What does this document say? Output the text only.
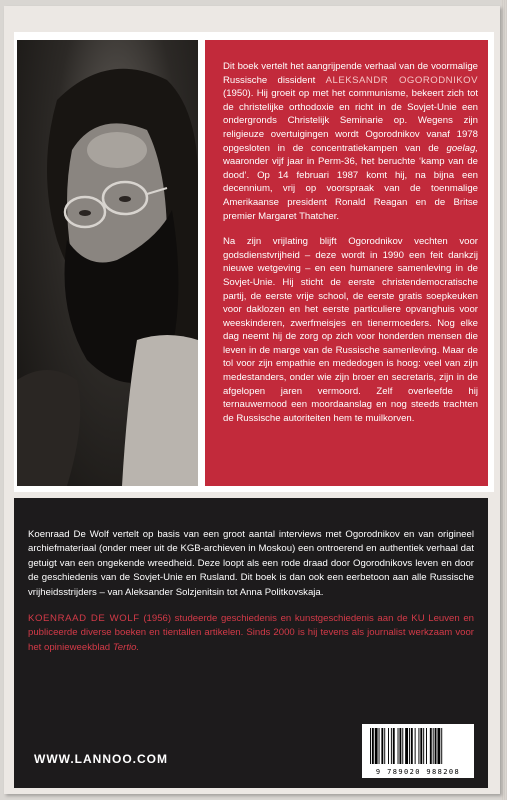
Dit boek vertelt het aangrijpende verhaal van de voormalige Russische dissident ALEKSANDR OGORODNIKOV (1950). Hij groeit op met het communisme, bekeert zich tot de christelijke orthodoxie en richt in de Sovjet-Unie een ondergronds Christelijk Seminarie op. Wegens zijn religieuze overtuigingen wordt Ogorodnikov vanaf 1978 opgesloten in de concentratiekampen van de goelag, waaronder vijf jaar in Perm-36, het beruchte ‘kamp van de dood’. Op 14 februari 1987 komt hij, na bijna een decennium, vrij op voorspraak van de toenmalige Amerikaanse president Ronald Reagan en de Britse premier Margaret Thatcher.

Na zijn vrijlating blijft Ogorodnikov vechten voor godsdienstvrijheid – deze wordt in 1990 een feit dankzij nieuwe wetgeving – en een humanere samenleving in de Sovjet-Unie. Hij sticht de eerste christendemocratische partij, de eerste vrije school, de eerste gratis soepkeuken voor daklozen en het eerste particuliere opvanghuis voor weeskinderen, zwerfmeisjes en tienermoeders. Nog elke dag neemt hij de zorg op zich voor honderden mensen die leven in de marge van de Russische samenleving. Maar de tol voor zijn empathie en mededogen is hoog: veel van zijn medestanders, onder wie zijn broer en secretaris, zijn in de afgelopen jaren vermoord. Zelf overleefde hij ternauwernood een moordaanslag en nog steeds trachten de Russische autoriteiten hem te muilkorven.

Koenraad De Wolf vertelt op basis van een groot aantal interviews met Ogorodnikov en van origineel archiefmateriaal (onder meer uit de KGB-archieven in Moskou) een ontroerend en authentiek verhaal dat getuigt van een ongekende wreedheid. Deze loopt als een rode draad door Ogorodnikovs leven en door de geschiedenis van de Sovjet-Unie en Rusland. Dit boek is dan ook een eerbetoon aan alle Russische vrijheidsstrijders – van Aleksander Solzjenitsin tot Anna Politkovskaja.

KOENRAAD DE WOLF (1956) studeerde geschiedenis en kunstgeschiedenis aan de KU Leuven en publiceerde diverse boeken en tientallen artikelen. Sinds 2000 is hij tevens als journalist werkzaam voor het opinieweekblad Tertio.

WWW.LANNOO.COM
9 789020 988208
